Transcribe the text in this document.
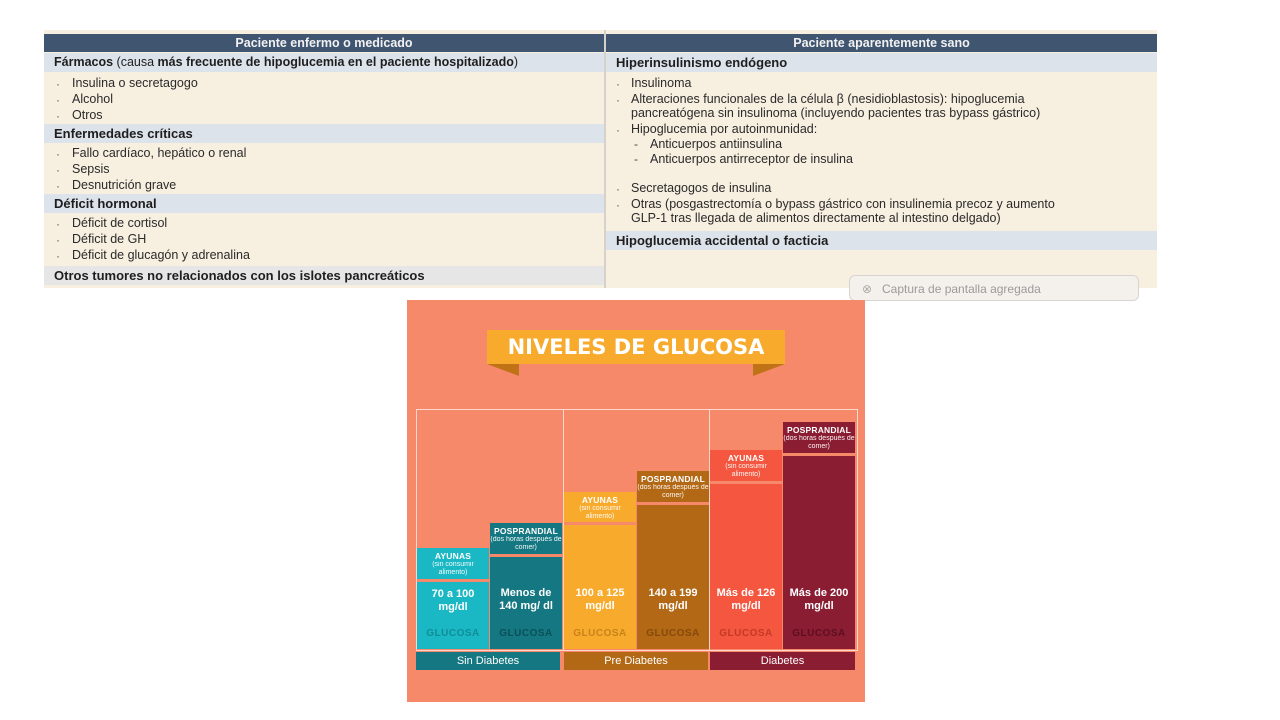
Paciente enfermo o medicado
Fármacos (causa más frecuente de hipoglucemia en el paciente hospitalizado)
· Insulina o secretagogo
· Alcohol
· Otros
Enfermedades críticas
· Fallo cardíaco, hepático o renal
· Sepsis
· Desnutrición grave
Déficit hormonal
· Déficit de cortisol
· Déficit de GH
· Déficit de glucagón y adrenalina
Otros tumores no relacionados con los islotes pancreáticos
Paciente aparentemente sano
Hiperinsulinismo endógeno
· Insulinoma
· Alteraciones funcionales de la célula β (nesidioblastosis): hipoglucemia
pancreatógena sin insulinoma (incluyendo pacientes tras bypass gástrico)
· Hipoglucemia por autoinmunidad:
- Anticuerpos antiinsulina
- Anticuerpos antirreceptor de insulina
· Secretagogos de insulina
· Otras (posgastrectomía o bypass gástrico con insulinemia precoz y aumento
GLP-1 tras llegada de alimentos directamente al intestino delgado)
Hipoglucemia accidental o facticia
⊗ Captura de pantalla agregada
NIVELES DE GLUCOSA
AYUNAS
(sin consumir alimento)
70 a 100 mg/dl
GLUCOSA
POSPRANDIAL
(dos horas después de comer)
Menos de 140 mg/ dl
GLUCOSA
AYUNAS
(sin consumir alimento)
100 a 125 mg/dl
GLUCOSA
POSPRANDIAL
(dos horas después de comer)
140 a 199 mg/dl
GLUCOSA
AYUNAS
(sin consumir alimento)
Más de 126 mg/dl
GLUCOSA
POSPRANDIAL
(dos horas después de comer)
Más de 200 mg/dl
GLUCOSA
Sin Diabetes	Pre Diabetes	Diabetes
